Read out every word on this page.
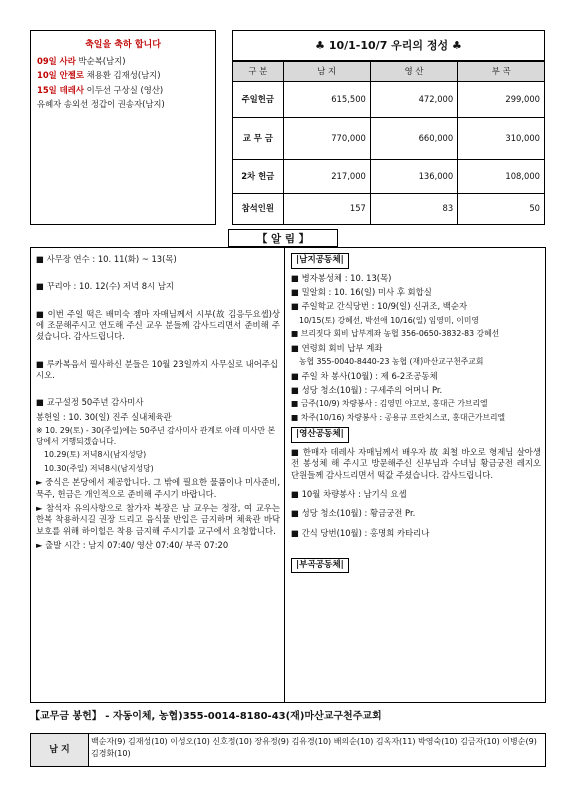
축일을 축하 합니다
09일 사라 박순복(남지)
10일 안젤로 채용환 김재성(남지)
15일 데레사 이두선 구상실 (영산)
유혜자 송외선 정갑이 권송자(남지)
♣ 10/1-10/7 우리의 정성 ♣
구 분	남 지	영 산	부 곡
주일헌금	615,500	472,000	299,000
교 무 금	770,000	660,000	310,000
2차 헌금	217,000	136,000	108,000
참석인원	157	83	50
【 알 림 】
■ 사무장 연수 : 10. 11(화) ~ 13(목)
■ 꾸리아 : 10. 12(수) 저녁 8시 남지
■ 이번 주일 떡은 배미숙 젬마 자매님께서 시부(故 김응두요셉)상에 조문해주시고 연도해 주신 교우 분들께 감사드리면서 준비해 주셨습니다. 감사드립니다.
■ 루카복음서 필사하신 분들은 10월 23일까지 사무실로 내어주십시오.
■ 교구설정 50주년 감사미사
봉헌일 : 10. 30(일) 진주 실내체육관
※ 10. 29(토) - 30(주일)에는 50주년 감사미사 관계로 아래 미사만 본당에서 거행되겠습니다.
10.29(토) 저녁8시(남지성당)
10.30(주일) 저녁8시(남지성당)
► 중식은 본당에서 제공합니다. 그 밖에 필요한 물품이나 미사준비, 묵주, 헌금은 개인적으로 준비해 주시기 바랍니다.
► 참석자 유의사항으로 참가자 복장은 남 교우는 정장, 여 교우는 한복 착용하시길 권장 드리고 음식물 반입은 금지하며 체육관 바닥보호를 위해 하이힐은 착용 금지해 주시기를 교구에서 요청합니다.
► 출발 시간 : 남지 07:40/ 영산 07:40/ 부곡 07:20
|남지공동체|
■ 병자봉성체 : 10. 13(목)
■ 밀알회 : 10. 16(일) 미사 후 회합실
■ 주일학교 간식당번 : 10/9(일) 신귀조, 백순자
10/15(토) 강혜선, 박선애 10/16(일) 임영미, 이미영
■ 브리짓다 회비 납부계좌 농협 356-0650-3832-83 강혜선
■ 연령회 회비 납부 계좌
농협 355-0040-8440-23 농협 (재)마산교구천주교회
■ 주일 차 봉사(10월) : 제 6-2조공동체
■ 성당 청소(10월) : 구세주의 어머니 Pr.
■ 금주(10/9) 차량봉사 : 김영민 야고보, 홍대근 가브리엘
■ 차주(10/16) 차량봉사 : 공용규 프란치스코, 홍대근가브리엘
|영산공동체|
■ 한매자 데레사 자매님께서 배우자 故 최철 바오로 형제님 살아생전 봉성체 해 주시고 방문해주신 신부님과 수녀님 황금궁전 레지오 단원들께 감사드리면서 떡값 주셨습니다. 감사드립니다.
■ 10월 차량봉사 : 남기식 요셉
■ 성당 청소(10월) : 황금궁전 Pr.
■ 간식 당번(10월) : 홍명희 카타리나
|부곡공동체|
【교무금 봉헌】 - 자동이체, 농협)355-0014-8180-43(재)마산교구천주교회
남 지
백순자(9) 김재성(10) 이성오(10) 신호정(10) 장유정(9) 김유경(10) 배의순(10) 김옥자(11) 박영숙(10) 김금자(10) 이병순(9) 김경화(10)
